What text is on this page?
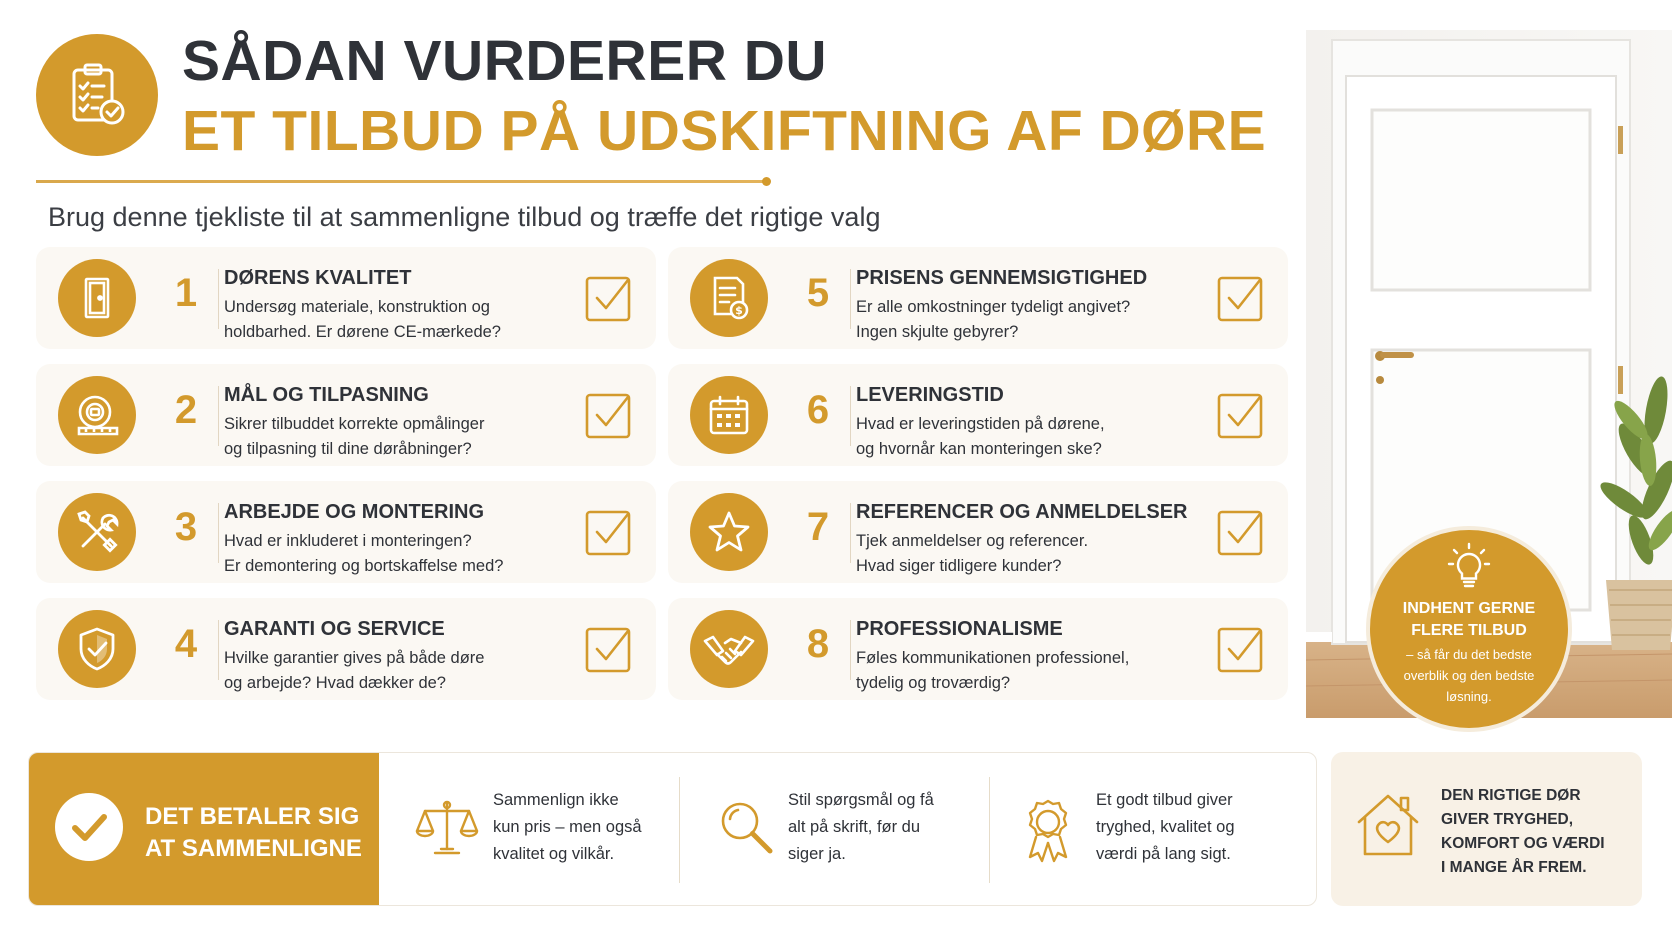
SÅDAN VURDERER DU
ET TILBUD PÅ UDSKIFTNING AF DØRE
Brug denne tjekliste til at sammenligne tilbud og træffe det rigtige valg
1	DØRENS KVALITET
Undersøg materiale, konstruktion og
holdbarhed. Er dørene CE-mærkede?
2	MÅL OG TILPASNING
Sikrer tilbuddet korrekte opmålinger
og tilpasning til dine døråbninger?
3	ARBEJDE OG MONTERING
Hvad er inkluderet i monteringen?
Er demontering og bortskaffelse med?
4	GARANTI OG SERVICE
Hvilke garantier gives på både døre
og arbejde? Hvad dækker de?
$ 5	PRISENS GENNEMSIGTIGHED
Er alle omkostninger tydeligt angivet?
Ingen skjulte gebyrer?
6	LEVERINGSTID
Hvad er leveringstiden på dørene,
og hvornår kan monteringen ske?
7	REFERENCER OG ANMELDELSER
Tjek anmeldelser og referencer.
Hvad siger tidligere kunder?
8	PROFESSIONALISME
Føles kommunikationen professionel,
tydelig og troværdig?
INDHENT GERNE
FLERE TILBUD
– så får du det bedste
overblik og den bedste
løsning.
DET BETALER SIG
AT SAMMENLIGNE
Sammenlign ikke
kun pris – men også
kvalitet og vilkår.
Stil spørgsmål og få
alt på skrift, før du
siger ja.
Et godt tilbud giver
tryghed, kvalitet og
værdi på lang sigt.
DEN RIGTIGE DØR
GIVER TRYGHED,
KOMFORT OG VÆRDI
I MANGE ÅR FREM.
